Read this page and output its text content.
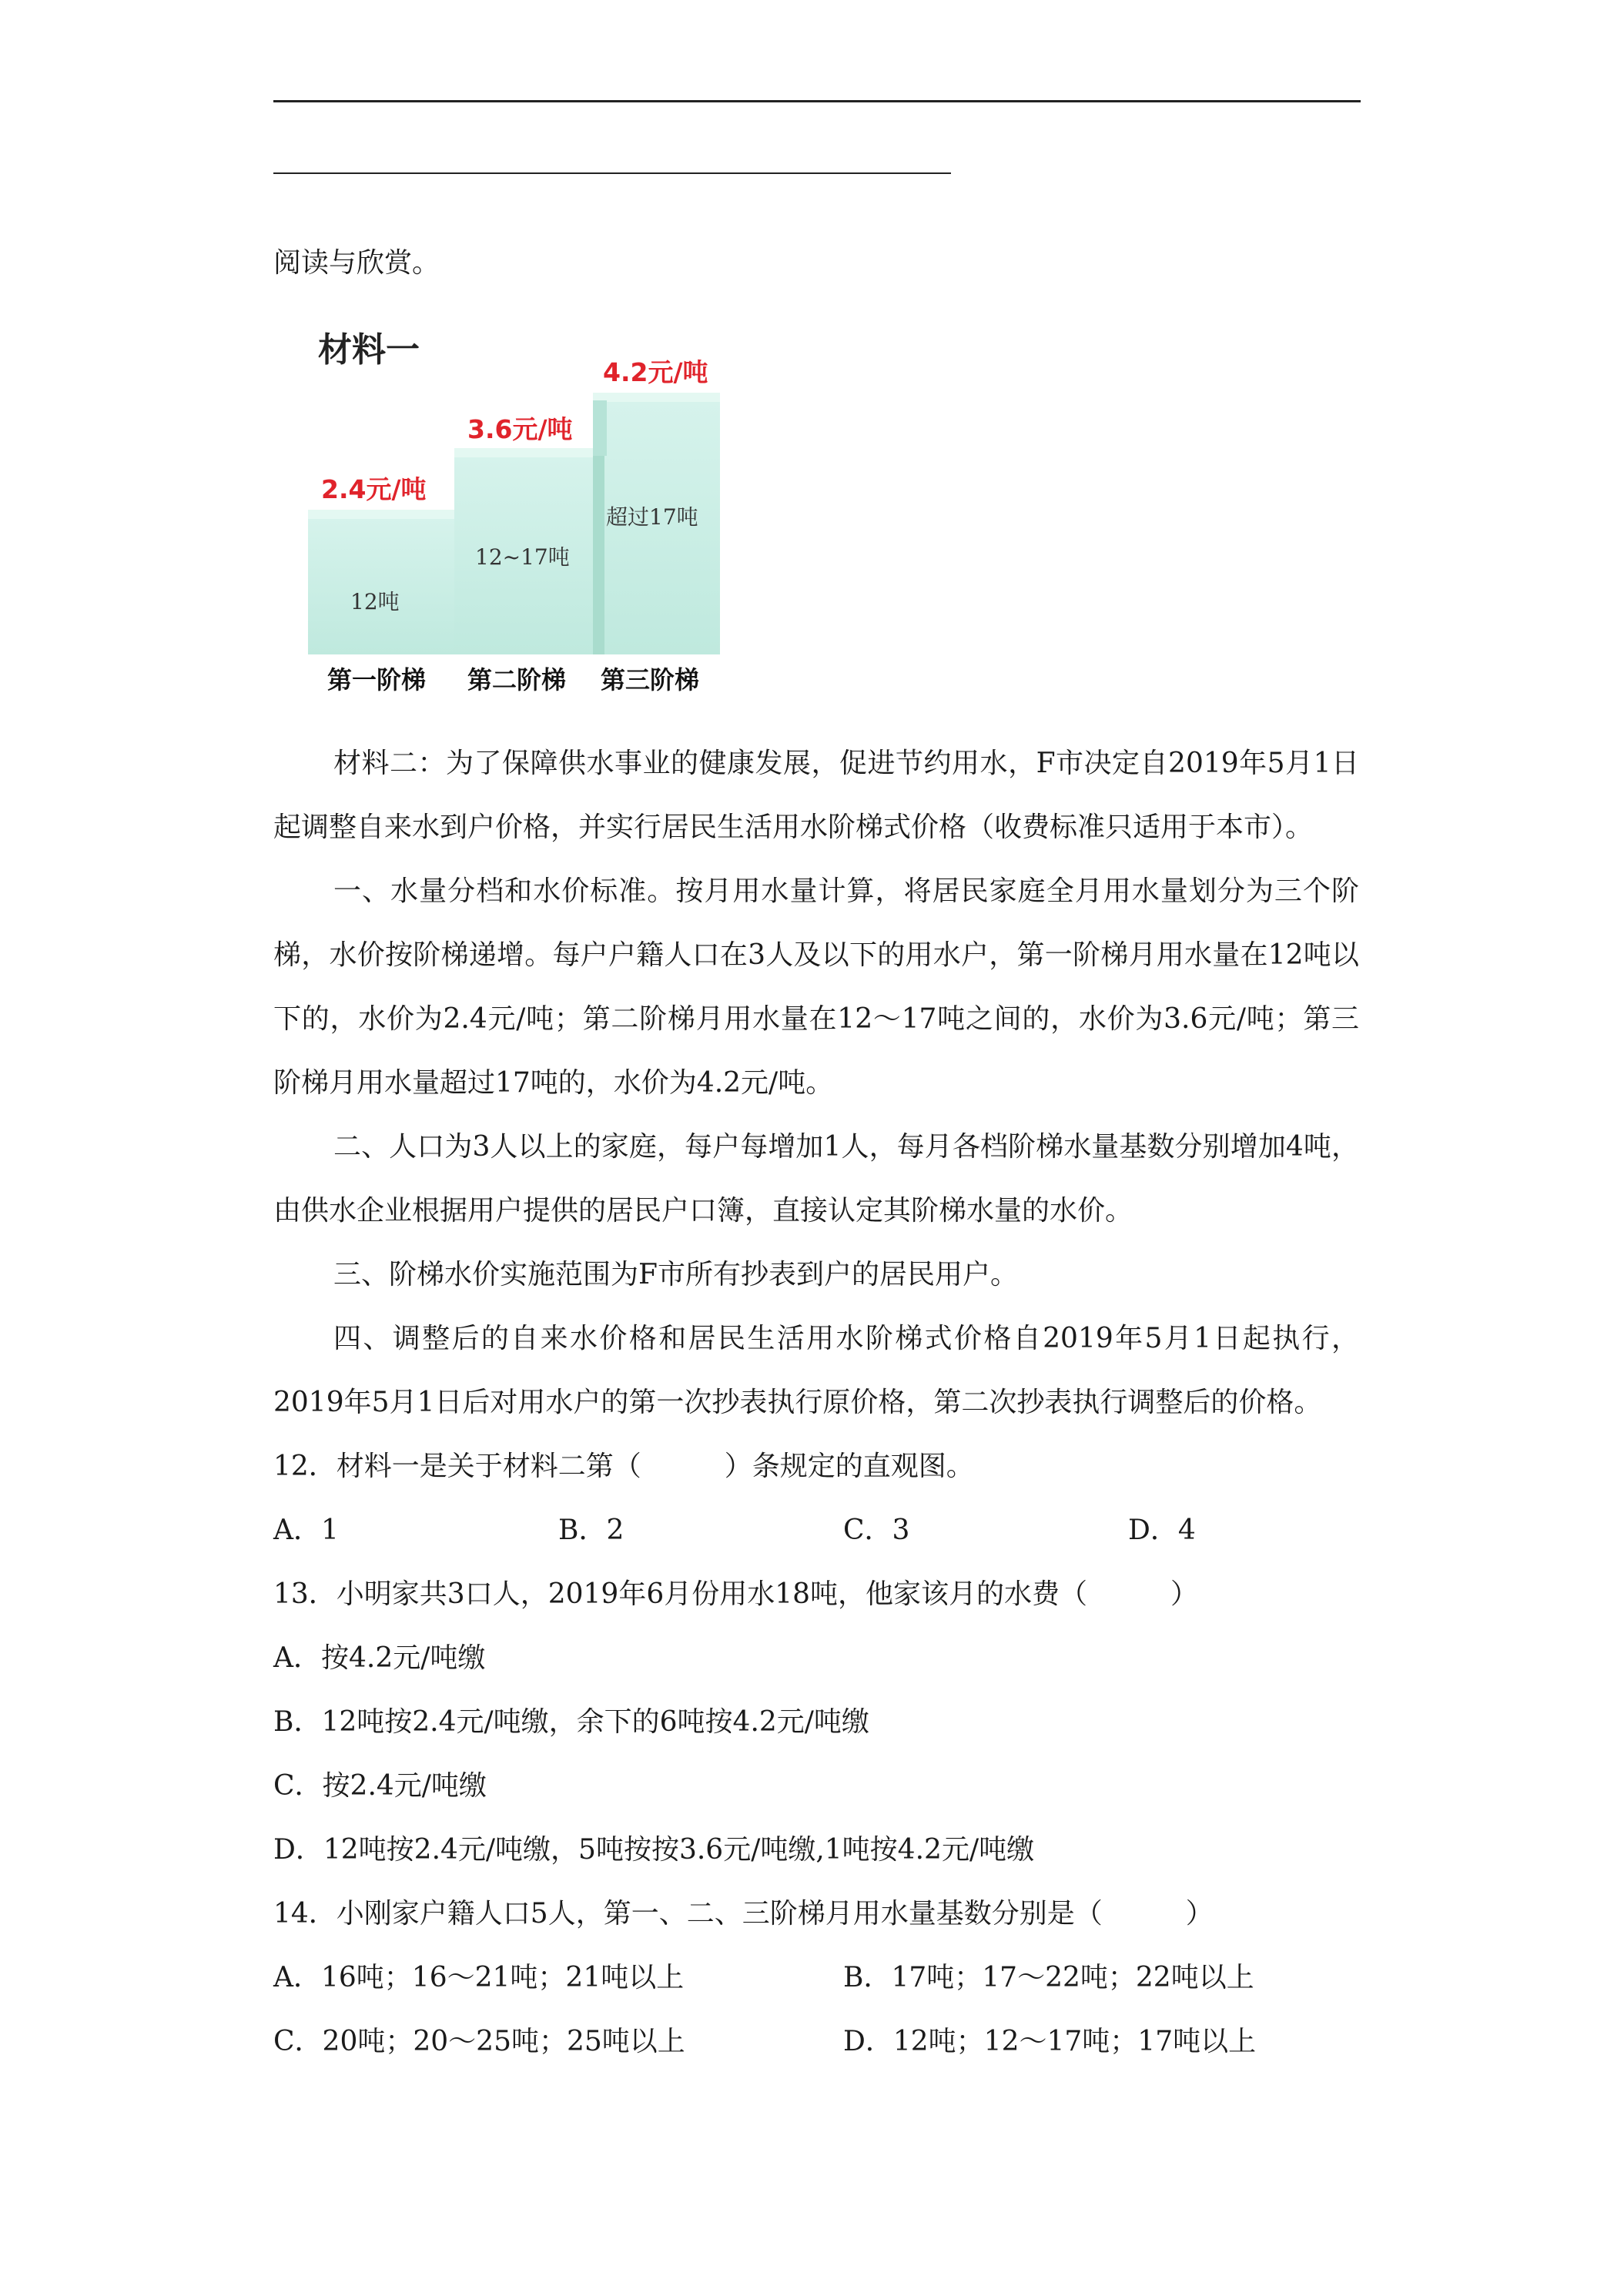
阅读与欣赏。
材料一
2.4元/吨
3.6元/吨
4.2元/吨
12吨
12~17吨
超过17吨
第一阶梯 第二阶梯 第三阶梯
材料二：为了保障供水事业的健康发展，促进节约用水，F市决定自2019年5月1日起调整自来水到户价格，并实行居民生活用水阶梯式价格（收费标准只适用于本市）。
一、水量分档和水价标准。按月用水量计算，将居民家庭全月用水量划分为三个阶梯，水价按阶梯递增。每户户籍人口在3人及以下的用水户，第一阶梯月用水量在12吨以下的，水价为2.4元/吨；第二阶梯月用水量在12～17吨之间的，水价为3.6元/吨；第三阶梯月用水量超过17吨的，水价为4.2元/吨。
二、人口为3人以上的家庭，每户每增加1人，每月各档阶梯水量基数分别增加4吨，由供水企业根据用户提供的居民户口簿，直接认定其阶梯水量的水价。
三、阶梯水价实施范围为F市所有抄表到户的居民用户。
四、调整后的自来水价格和居民生活用水阶梯式价格自2019年5月1日起执行，2019年5月1日后对用水户的第一次抄表执行原价格，第二次抄表执行调整后的价格。
12．材料一是关于材料二第（　　　）条规定的直观图。
A．1	B．2	C．3	D．4
13．小明家共3口人，2019年6月份用水18吨，他家该月的水费（　　　）
A．按4.2元/吨缴
B．12吨按2.4元/吨缴，余下的6吨按4.2元/吨缴
C．按2.4元/吨缴
D．12吨按2.4元/吨缴，5吨按按3.6元/吨缴,1吨按4.2元/吨缴
14．小刚家户籍人口5人，第一、二、三阶梯月用水量基数分别是（　　　）
A．16吨；16～21吨；21吨以上	B．17吨；17～22吨；22吨以上
C．20吨；20～25吨；25吨以上	D．12吨；12～17吨；17吨以上
